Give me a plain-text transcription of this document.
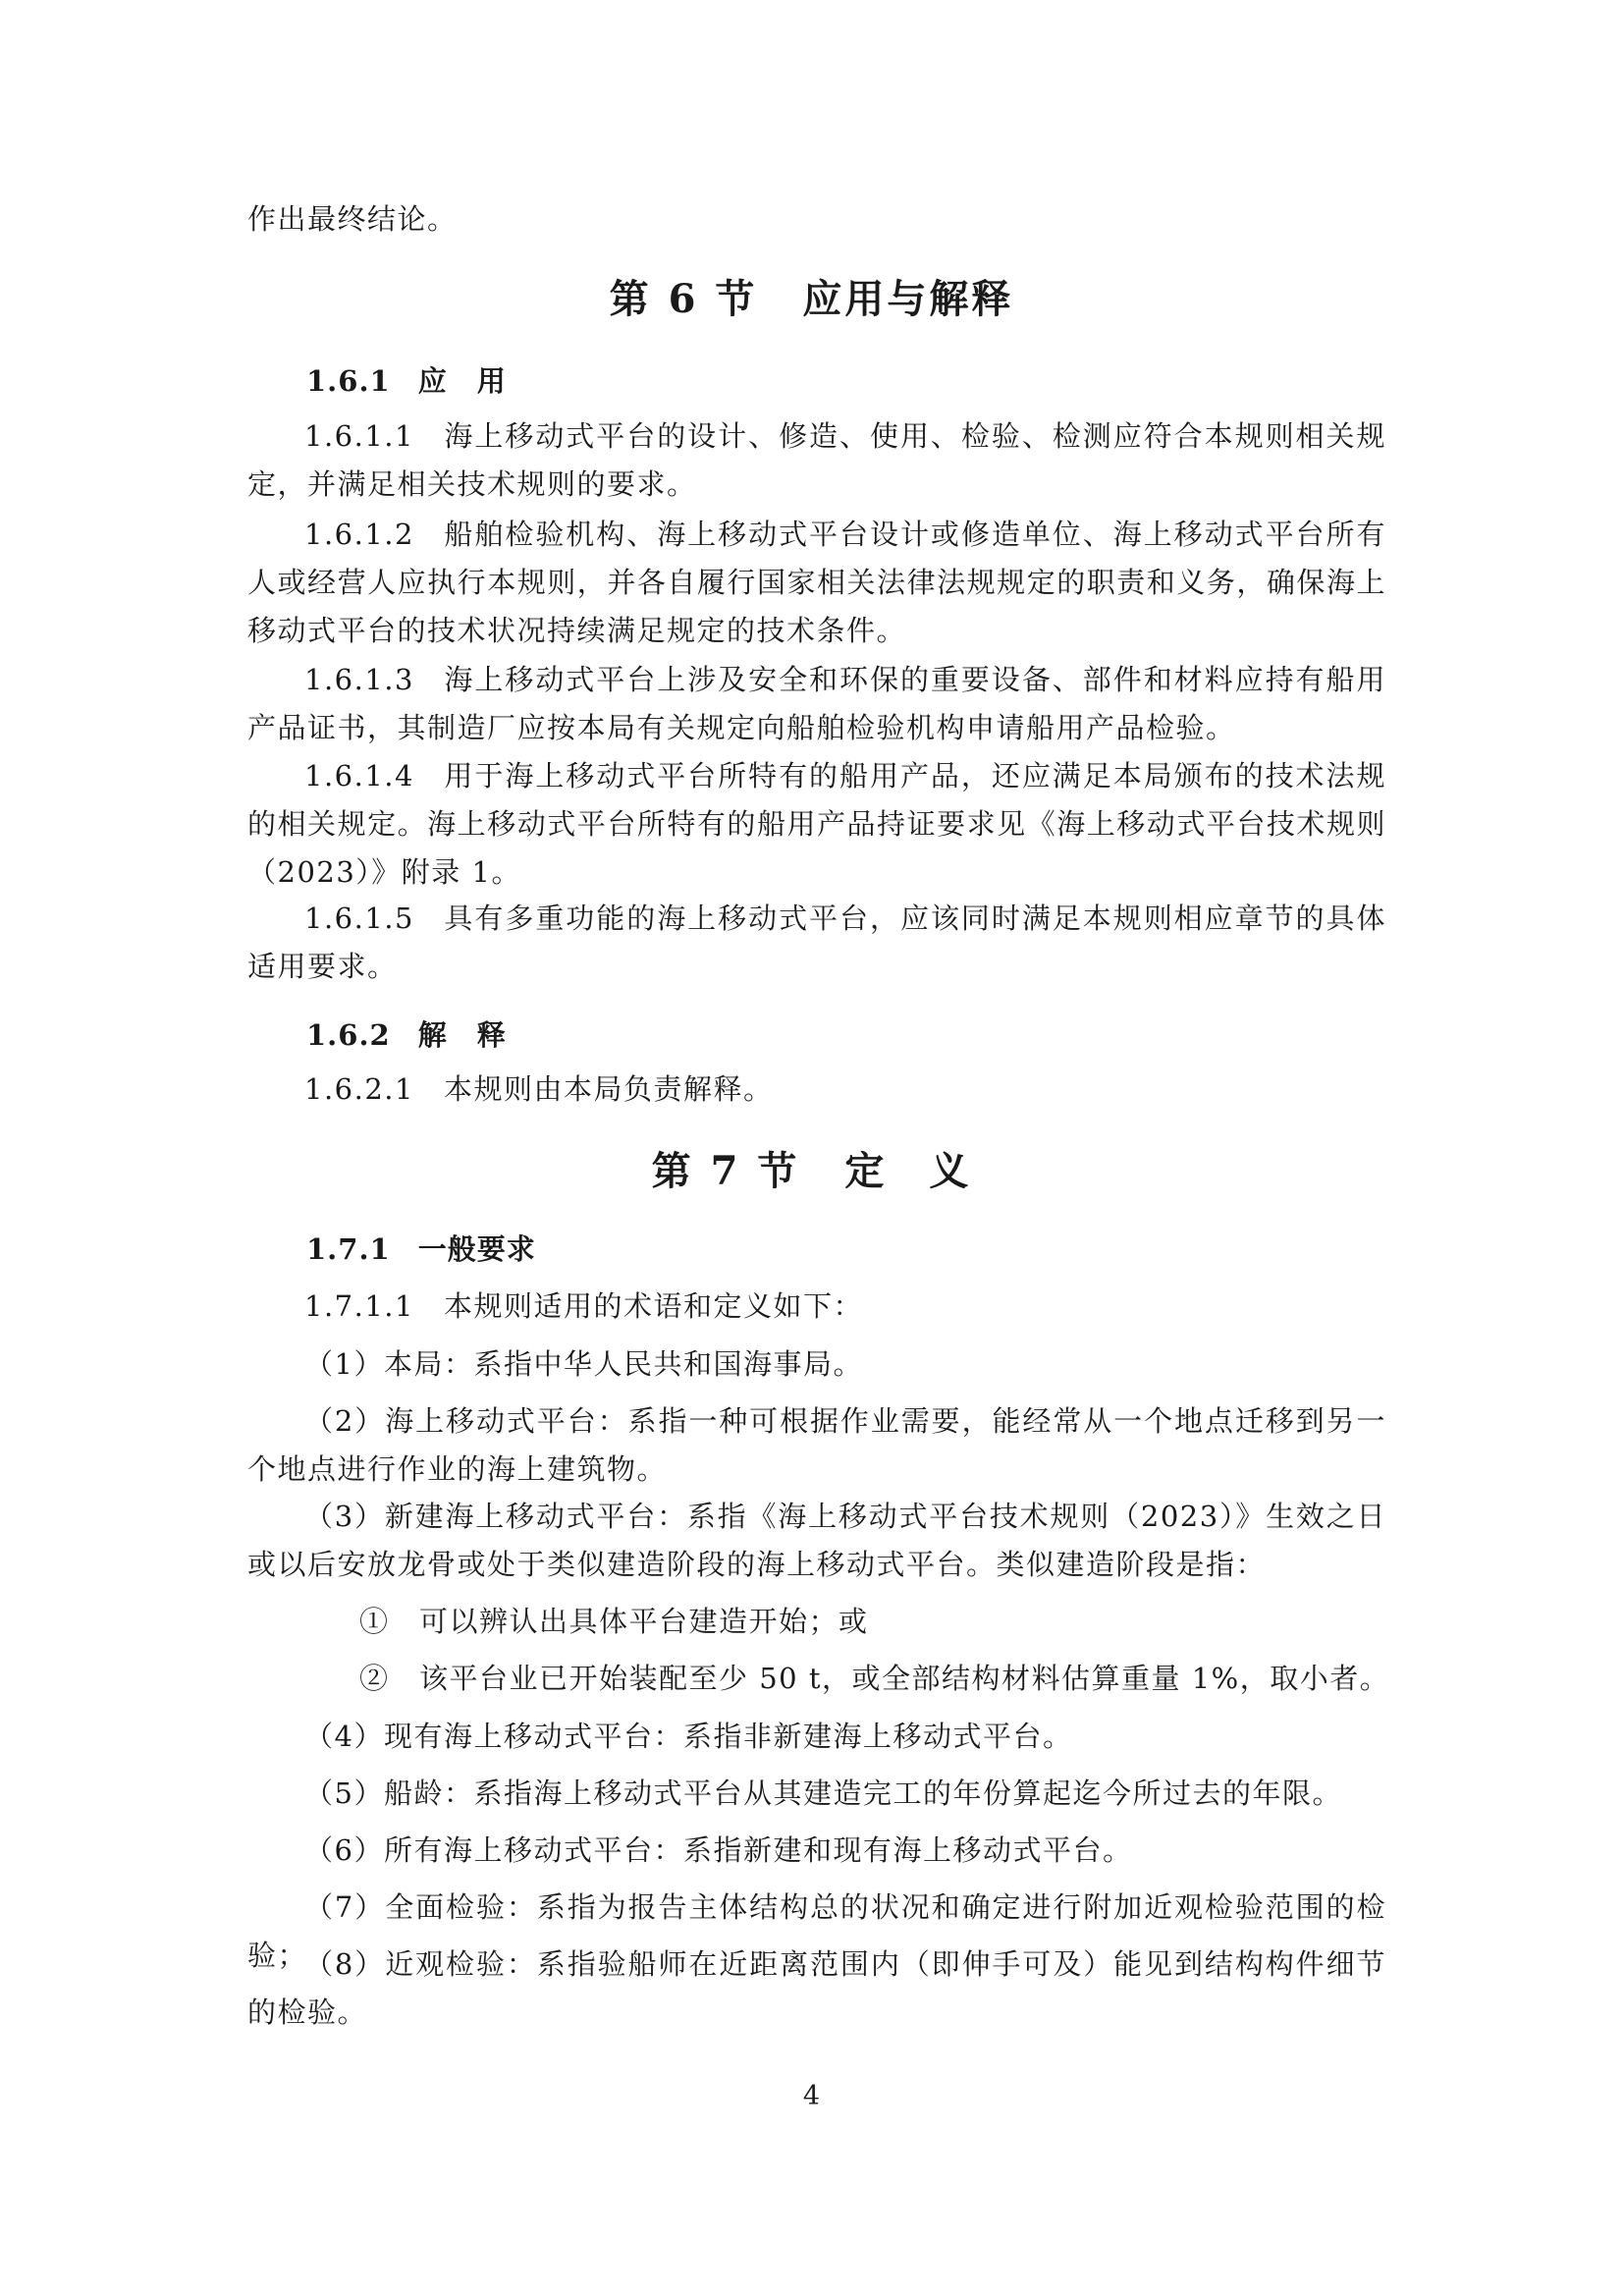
作出最终结论。

第 6 节 应用与解释
1.6.1 应　用

1.6.1.1 海上移动式平台的设计、修造、使用、检验、检测应符合本规则相关规定，并满足相关技术规则的要求。

1.6.1.2 船舶检验机构、海上移动式平台设计或修造单位、海上移动式平台所有人或经营人应执行本规则，并各自履行国家相关法律法规规定的职责和义务，确保海上移动式平台的技术状况持续满足规定的技术条件。

1.6.1.3 海上移动式平台上涉及安全和环保的重要设备、部件和材料应持有船用产品证书，其制造厂应按本局有关规定向船舶检验机构申请船用产品检验。

1.6.1.4 用于海上移动式平台所特有的船用产品，还应满足本局颁布的技术法规的相关规定。海上移动式平台所特有的船用产品持证要求见《海上移动式平台技术规则（2023）》附录 1。

1.6.1.5 具有多重功能的海上移动式平台，应该同时满足本规则相应章节的具体适用要求。

1.6.2 解　释

1.6.2.1 本规则由本局负责解释。

第 7 节 定　义
1.7.1 一般要求

1.7.1.1 本规则适用的术语和定义如下：

（1）本局：系指中华人民共和国海事局。

（2）海上移动式平台：系指一种可根据作业需要，能经常从一个地点迁移到另一个地点进行作业的海上建筑物。

（3）新建海上移动式平台：系指《海上移动式平台技术规则（2023）》生效之日或以后安放龙骨或处于类似建造阶段的海上移动式平台。类似建造阶段是指：

①　可以辨认出具体平台建造开始；或

②　该平台业已开始装配至少 50 t，或全部结构材料估算重量 1%，取小者。

（4）现有海上移动式平台：系指非新建海上移动式平台。

（5）船龄：系指海上移动式平台从其建造完工的年份算起迄今所过去的年限。

（6）所有海上移动式平台：系指新建和现有海上移动式平台。

（7）全面检验：系指为报告主体结构总的状况和确定进行附加近观检验范围的检验；

（8）近观检验：系指验船师在近距离范围内（即伸手可及）能见到结构构件细节的检验。

4
